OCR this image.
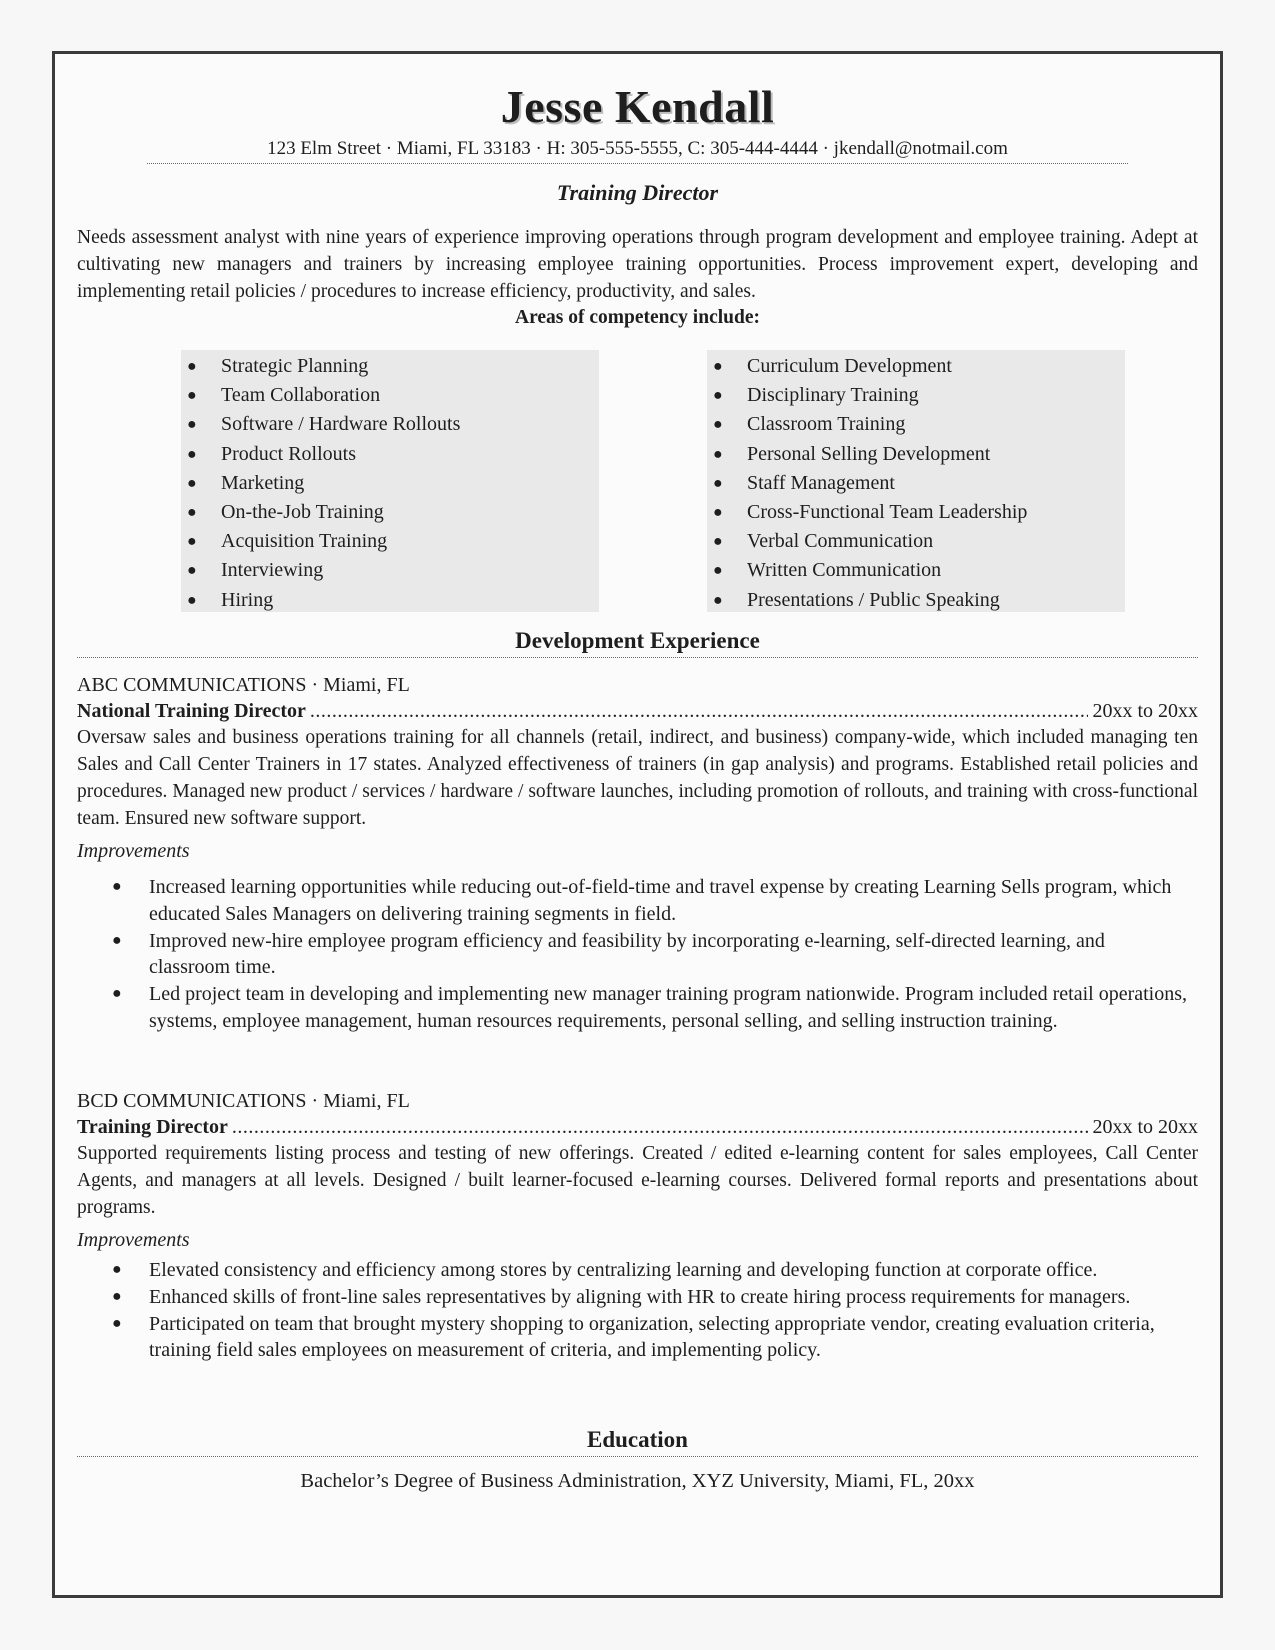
Jesse Kendall
123 Elm Street · Miami, FL 33183 · H: 305-555-5555, C: 305-444-4444 · jkendall@notmail.com
Training Director

Needs assessment analyst with nine years of experience improving operations through program development and employee training. Adept at cultivating new managers and trainers by increasing employee training opportunities. Process improvement expert, developing and implementing retail policies / procedures to increase efficiency, productivity, and sales.

Areas of competency include:
● Strategic Planning
● Team Collaboration
● Software / Hardware Rollouts
● Product Rollouts
● Marketing
● On-the-Job Training
● Acquisition Training
● Interviewing
● Hiring
● Curriculum Development
● Disciplinary Training
● Classroom Training
● Personal Selling Development
● Staff Management
● Cross-Functional Team Leadership
● Verbal Communication
● Written Communication
● Presentations / Public Speaking
Development Experience
ABC COMMUNICATIONS · Miami, FL
National Training Director .....	20xx to 20xx

Oversaw sales and business operations training for all channels (retail, indirect, and business) company-wide, which included managing ten Sales and Call Center Trainers in 17 states. Analyzed effectiveness of trainers (in gap analysis) and programs. Established retail policies and procedures. Managed new product / services / hardware / software launches, including promotion of rollouts, and training with cross-functional team. Ensured new software support.

Improvements
● Increased learning opportunities while reducing out-of-field-time and travel expense by creating Learning Sells program, which educated Sales Managers on delivering training segments in field.
● Improved new-hire employee program efficiency and feasibility by incorporating e-learning, self-directed learning, and classroom time.
● Led project team in developing and implementing new manager training program nationwide. Program included retail operations, systems, employee management, human resources requirements, personal selling, and selling instruction training.
BCD COMMUNICATIONS · Miami, FL
Training Director .....	20xx to 20xx

Supported requirements listing process and testing of new offerings. Created / edited e-learning content for sales employees, Call Center Agents, and managers at all levels. Designed / built learner-focused e-learning courses. Delivered formal reports and presentations about programs.

Improvements
● Elevated consistency and efficiency among stores by centralizing learning and developing function at corporate office.
● Enhanced skills of front-line sales representatives by aligning with HR to create hiring process requirements for managers.
● Participated on team that brought mystery shopping to organization, selecting appropriate vendor, creating evaluation criteria, training field sales employees on measurement of criteria, and implementing policy.
Education
Bachelor’s Degree of Business Administration, XYZ University, Miami, FL, 20xx
